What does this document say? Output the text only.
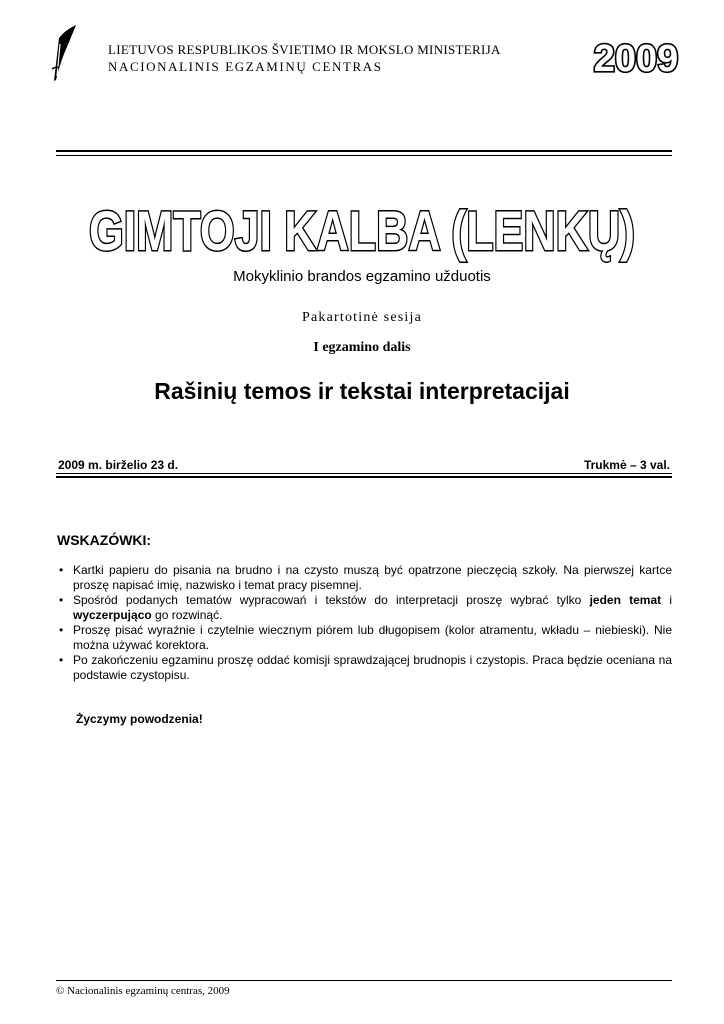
LIETUVOS RESPUBLIKOS ŠVIETIMO IR MOKSLO MINISTERIJA
NACIONALINIS EGZAMINŲ CENTRAS	2009
GIMTOJI KALBA (LENKŲ)
Mokyklinio brandos egzamino užduotis
Pakartotinė sesija
I egzamino dalis
Rašinių temos ir tekstai interpretacijai
2009 m. birželio 23 d.	Trukmė – 3 val.
WSKAZÓWKI:
• Kartki papieru do pisania na brudno i na czysto muszą być opatrzone pieczęcią szkoły. Na pierwszej kartce proszę napisać imię, nazwisko i temat pracy pisemnej.
• Spośród podanych tematów wypracowań i tekstów do interpretacji proszę wybrać tylko jeden temat i wyczerpująco go rozwinąć.
• Proszę pisać wyraźnie i czytelnie wiecznym piórem lub długopisem (kolor atramentu, wkładu – niebieski). Nie można używać korektora.
• Po zakończeniu egzaminu proszę oddać komisji sprawdzającej brudnopis i czystopis. Praca będzie oceniana na podstawie czystopisu.
Życzymy powodzenia!
© Nacionalinis egzaminų centras, 2009
